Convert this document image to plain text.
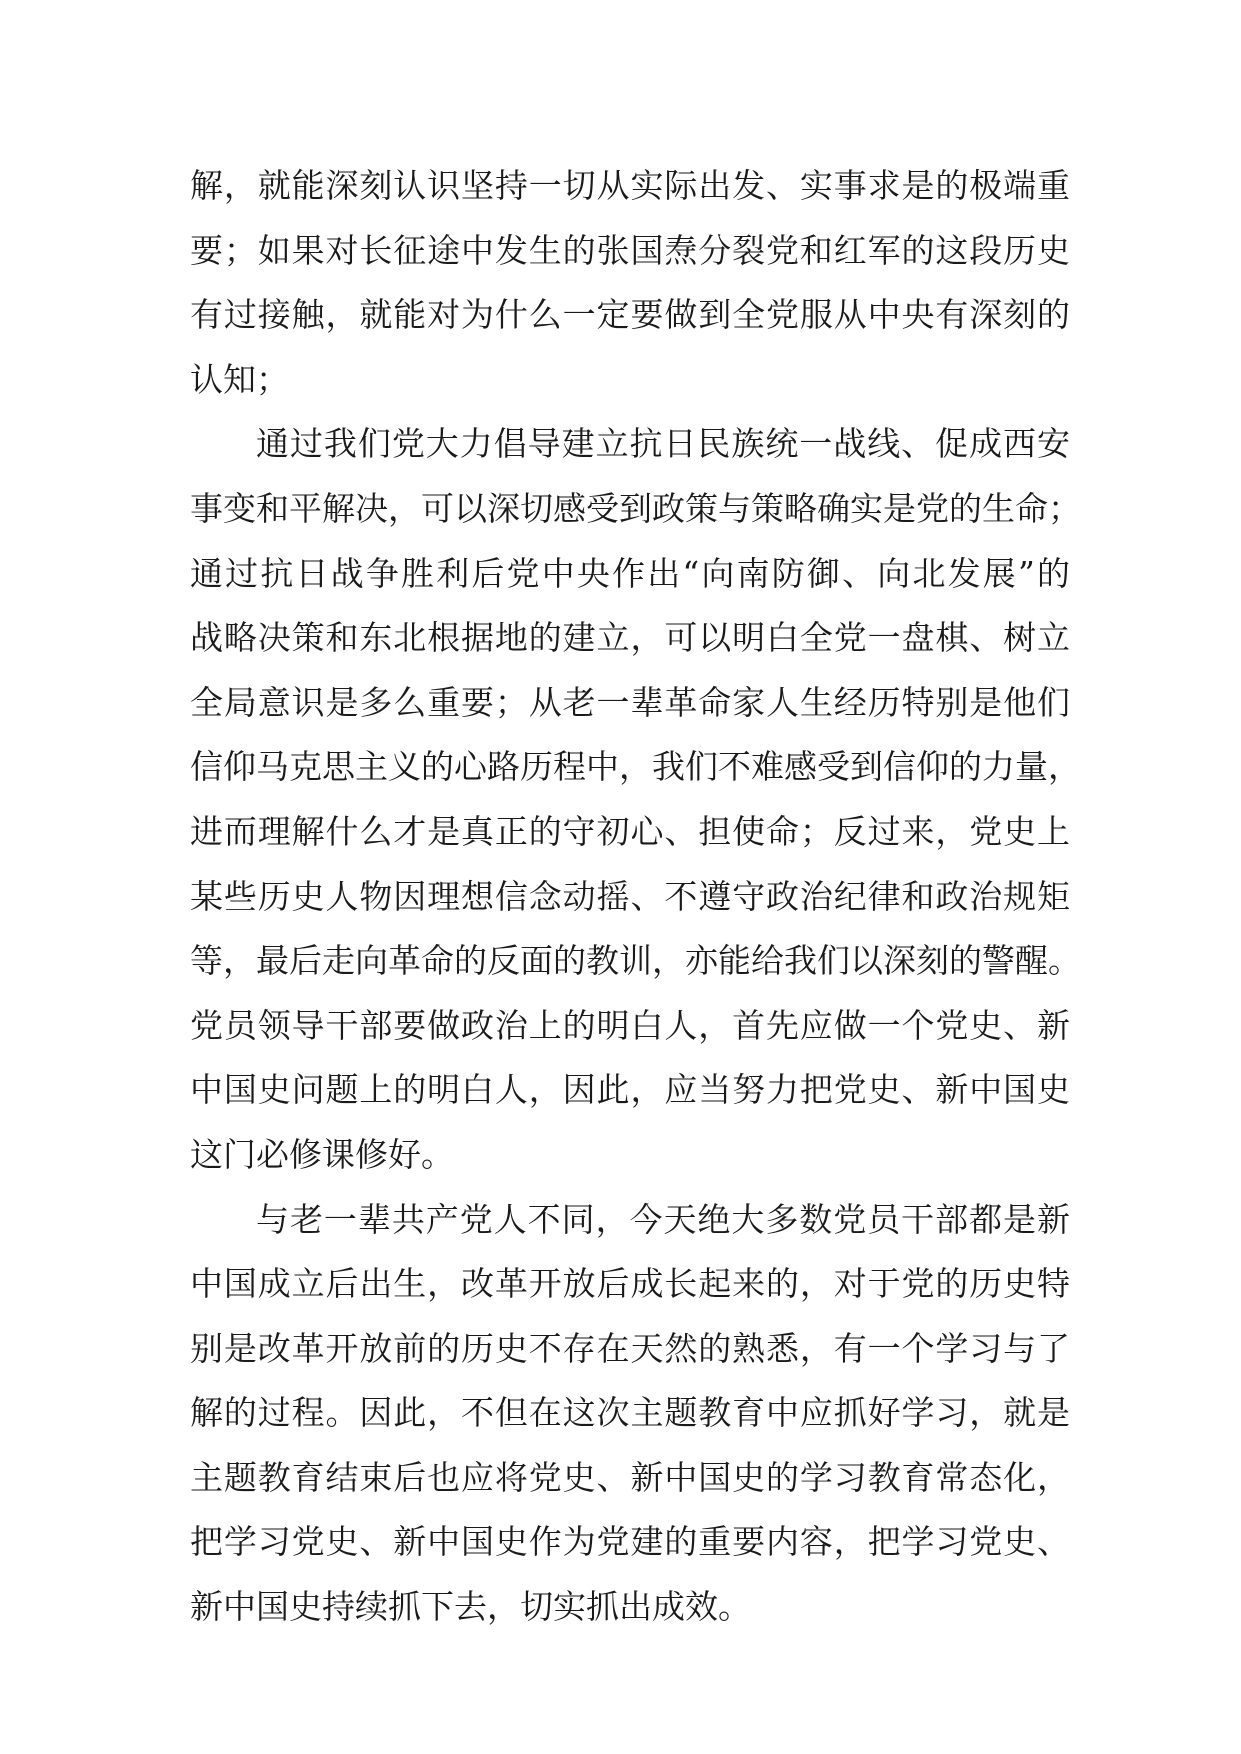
解，就能深刻认识坚持一切从实际出发、实事求是的极端重
要；如果对长征途中发生的张国焘分裂党和红军的这段历史
有过接触，就能对为什么一定要做到全党服从中央有深刻的
认知；
通过我们党大力倡导建立抗日民族统一战线、促成西安
事变和平解决，可以深切感受到政策与策略确实是党的生命；
通过抗日战争胜利后党中央作出“向南防御、向北发展”的
战略决策和东北根据地的建立，可以明白全党一盘棋、树立
全局意识是多么重要；从老一辈革命家人生经历特别是他们
信仰马克思主义的心路历程中，我们不难感受到信仰的力量，
进而理解什么才是真正的守初心、担使命；反过来，党史上
某些历史人物因理想信念动摇、不遵守政治纪律和政治规矩
等，最后走向革命的反面的教训，亦能给我们以深刻的警醒。
党员领导干部要做政治上的明白人，首先应做一个党史、新
中国史问题上的明白人，因此，应当努力把党史、新中国史
这门必修课修好。
与老一辈共产党人不同，今天绝大多数党员干部都是新
中国成立后出生，改革开放后成长起来的，对于党的历史特
别是改革开放前的历史不存在天然的熟悉，有一个学习与了
解的过程。因此，不但在这次主题教育中应抓好学习，就是
主题教育结束后也应将党史、新中国史的学习教育常态化，
把学习党史、新中国史作为党建的重要内容，把学习党史、
新中国史持续抓下去，切实抓出成效。
